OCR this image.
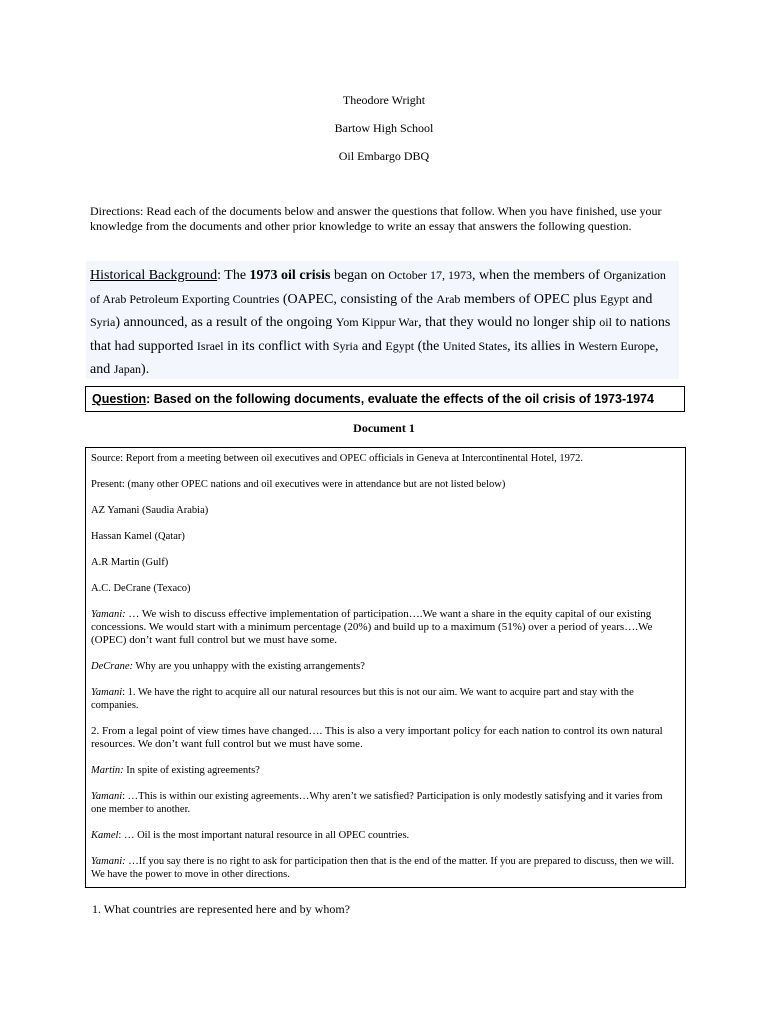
Theodore Wright
Bartow High School
Oil Embargo DBQ
Directions: Read each of the documents below and answer the questions that follow. When you have finished, use your knowledge from the documents and other prior knowledge to write an essay that answers the following question.
Historical Background: The 1973 oil crisis began on October 17, 1973, when the members of Organization of Arab Petroleum Exporting Countries (OAPEC, consisting of the Arab members of OPEC plus Egypt and Syria) announced, as a result of the ongoing Yom Kippur War, that they would no longer ship oil to nations that had supported Israel in its conflict with Syria and Egypt (the United States, its allies in Western Europe, and Japan).
Question: Based on the following documents, evaluate the effects of the oil crisis of 1973-1974
Document 1

Source: Report from a meeting between oil executives and OPEC officials in Geneva at Intercontinental Hotel, 1972.

Present: (many other OPEC nations and oil executives were in attendance but are not listed below)

AZ Yamani (Saudia Arabia)

Hassan Kamel (Qatar)

A.R Martin (Gulf)

A.C. DeCrane (Texaco)

Yamani: … We wish to discuss effective implementation of participation….We want a share in the equity capital of our existing concessions. We would start with a minimum percentage (20%) and build up to a maximum (51%) over a period of years….We (OPEC) don’t want full control but we must have some.

DeCrane: Why are you unhappy with the existing arrangements?

Yamani: 1. We have the right to acquire all our natural resources but this is not our aim. We want to acquire part and stay with the companies.

2. From a legal point of view times have changed…. This is also a very important policy for each nation to control its own natural resources. We don’t want full control but we must have some.

Martin: In spite of existing agreements?

Yamani: …This is within our existing agreements…Why aren’t we satisfied? Participation is only modestly satisfying and it varies from one member to another.

Kamel: … Oil is the most important natural resource in all OPEC countries.

Yamani: …If you say there is no right to ask for participation then that is the end of the matter. If you are prepared to discuss, then we will. We have the power to move in other directions.

1. What countries are represented here and by whom?
